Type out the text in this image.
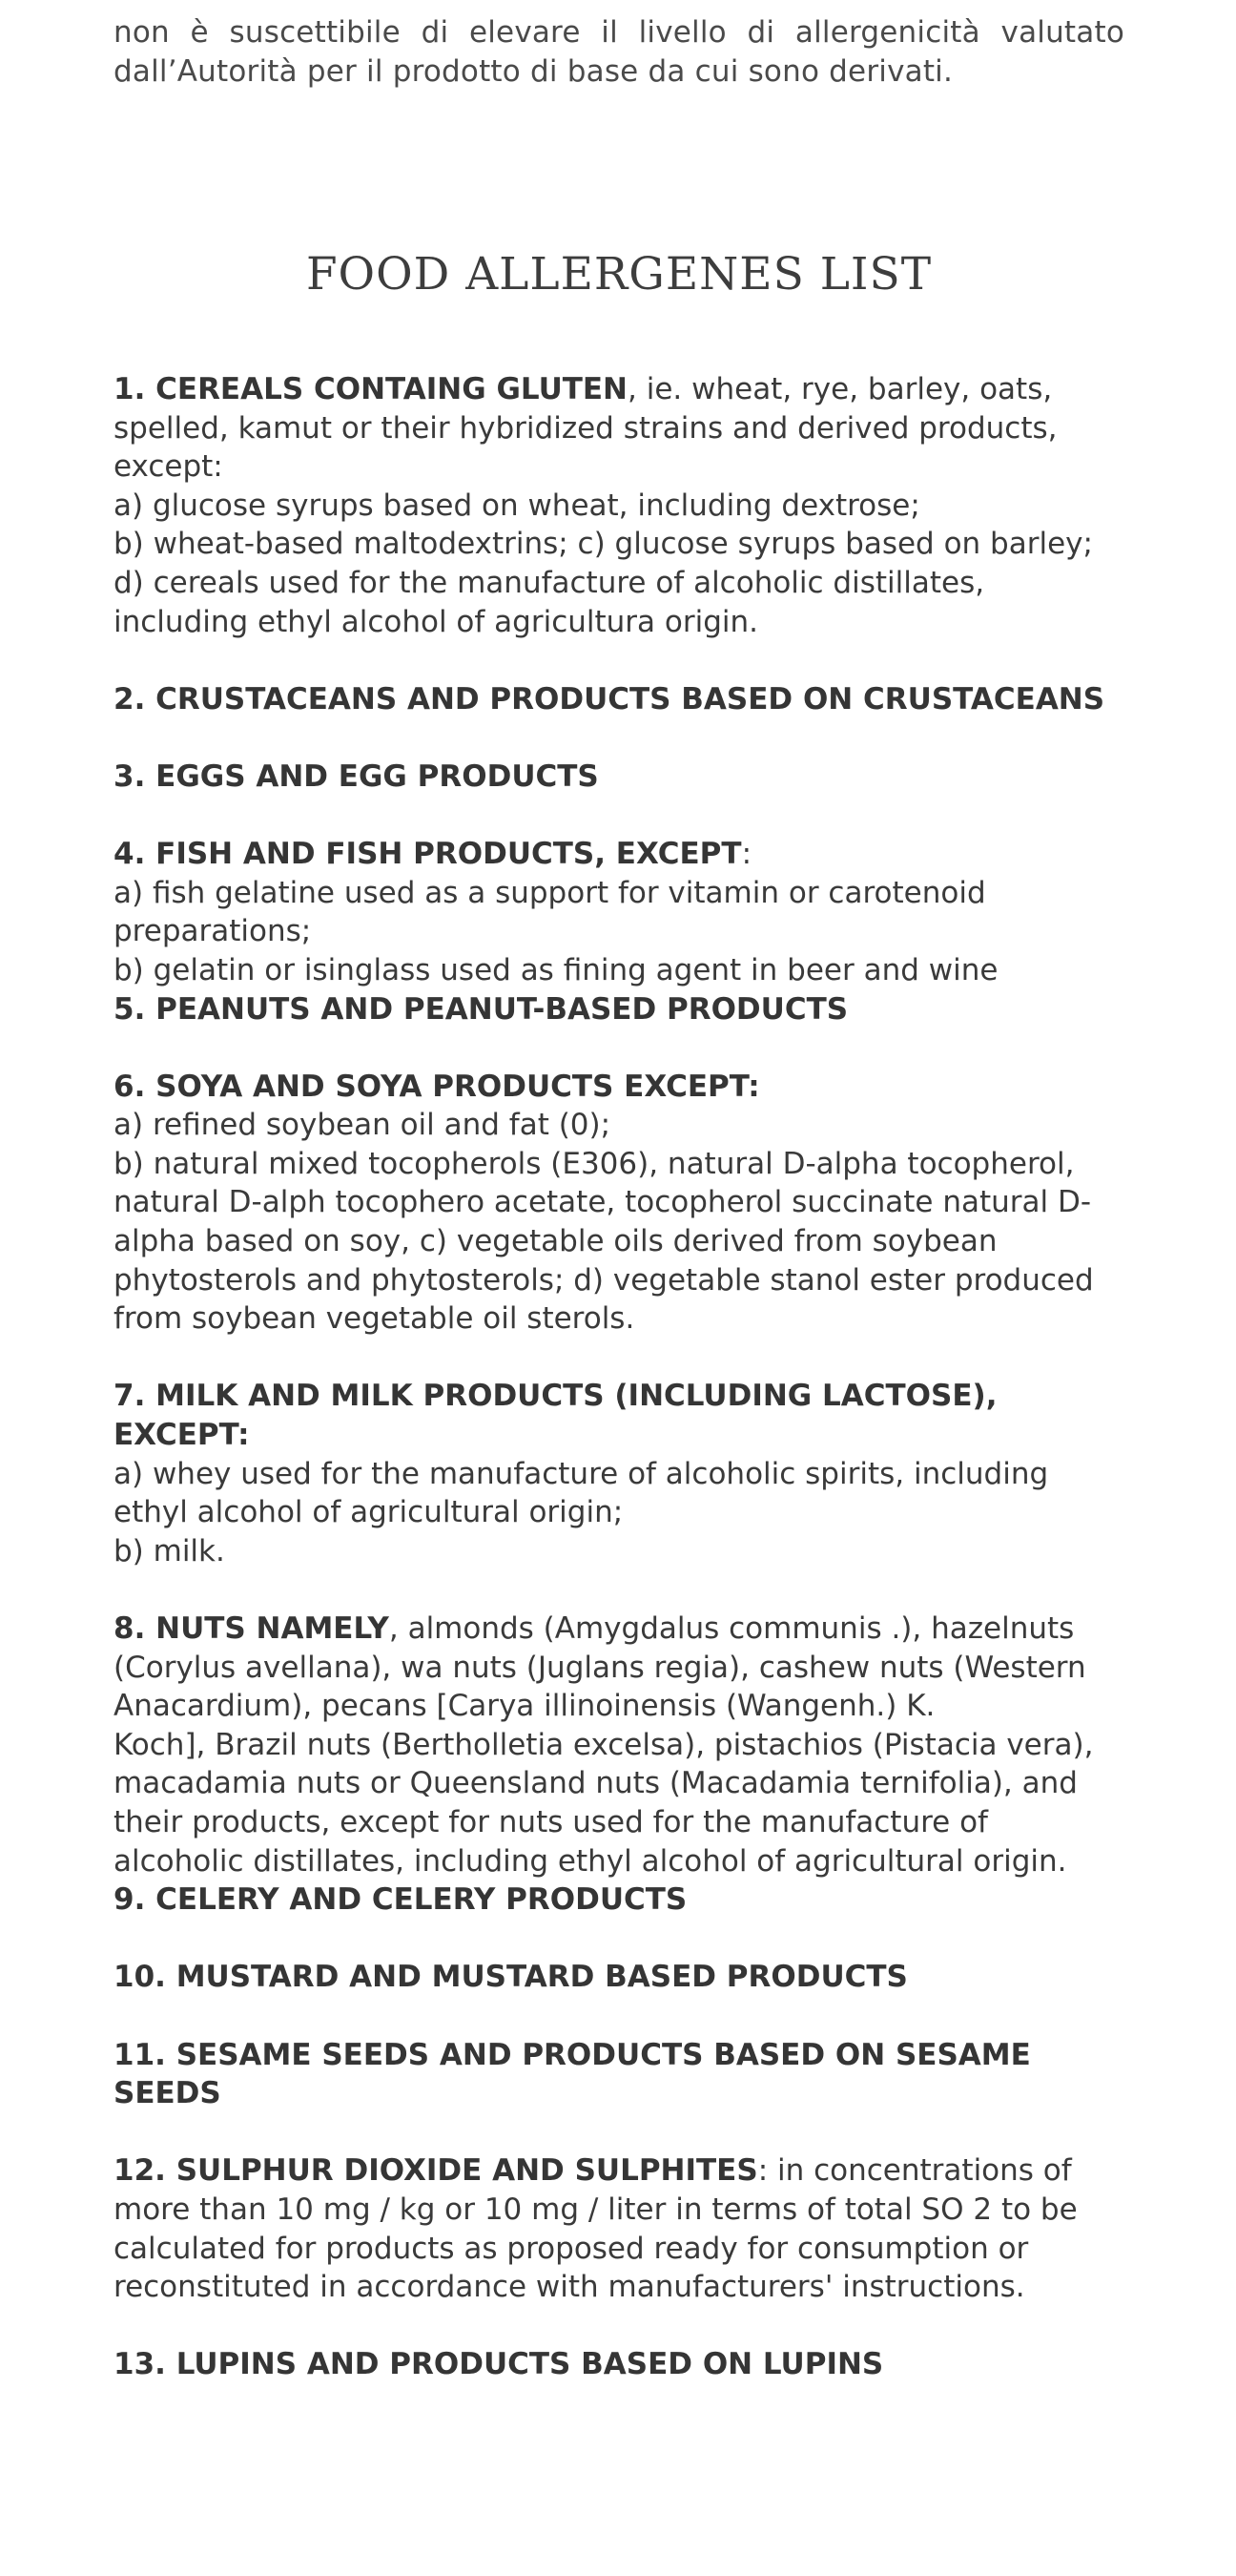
non è suscettibile di elevare il livello di allergenicità valutato dall’Autorità per il prodotto di base da cui sono derivati.

FOOD ALLERGENES LIST

1. CEREALS CONTAING GLUTEN, ie. wheat, rye, barley, oats, spelled, kamut or their hybridized strains and derived products, except:
a) glucose syrups based on wheat, including dextrose;
b) wheat-based maltodextrins; c) glucose syrups based on barley;
d) cereals used for the manufacture of alcoholic distillates, including ethyl alcohol of agricultura origin.

2. CRUSTACEANS AND PRODUCTS BASED ON CRUSTACEANS

3. EGGS AND EGG PRODUCTS

4. FISH AND FISH PRODUCTS, EXCEPT:
a) fish gelatine used as a support for vitamin or carotenoid preparations;
b) gelatin or isinglass used as fining agent in beer and wine

5. PEANUTS AND PEANUT-BASED PRODUCTS

6. SOYA AND SOYA PRODUCTS EXCEPT:
a) refined soybean oil and fat (0);
b) natural mixed tocopherols (E306), natural D-alpha tocopherol, natural D-alph tocophero acetate, tocopherol succinate natural D-alpha based on soy, c) vegetable oils derived from soybean phytosterols and phytosterols; d) vegetable stanol ester produced from soybean vegetable oil sterols.

7. MILK AND MILK PRODUCTS (INCLUDING LACTOSE), EXCEPT:
a) whey used for the manufacture of alcoholic spirits, including ethyl alcohol of agricultural origin;
b) milk.

8. NUTS NAMELY, almonds (Amygdalus communis .), hazelnuts (Corylus avellana), wa nuts (Juglans regia), cashew nuts (Western Anacardium), pecans [Carya illinoinensis (Wangenh.) K.
Koch], Brazil nuts (Bertholletia excelsa), pistachios (Pistacia vera), macadamia nuts or Queensland nuts (Macadamia ternifolia), and their products, except for nuts used for the manufacture of alcoholic distillates, including ethyl alcohol of agricultural origin.

9. CELERY AND CELERY PRODUCTS

10. MUSTARD AND MUSTARD BASED PRODUCTS

11. SESAME SEEDS AND PRODUCTS BASED ON SESAME SEEDS

12. SULPHUR DIOXIDE AND SULPHITES: in concentrations of more than 10 mg / kg or 10 mg / liter in terms of total SO 2 to be calculated for products as proposed ready for consumption or reconstituted in accordance with manufacturers' instructions.

13. LUPINS AND PRODUCTS BASED ON LUPINS
